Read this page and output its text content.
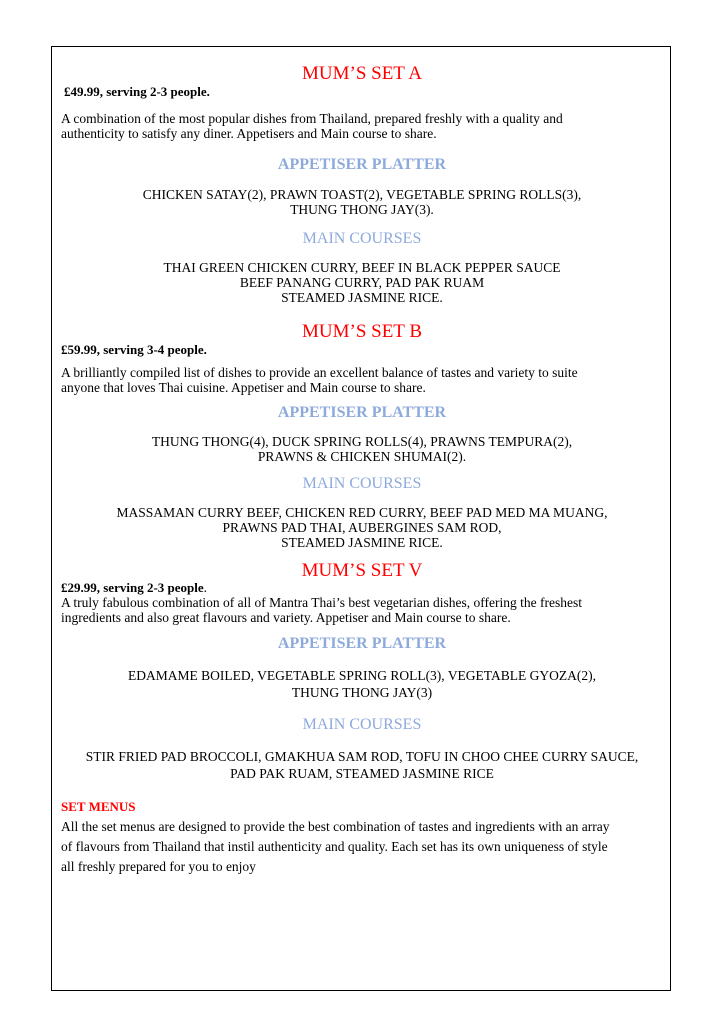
MUM’S SET A
£49.99, serving 2-3 people.
A combination of the most popular dishes from Thailand, prepared freshly with a quality and
authenticity to satisfy any diner. Appetisers and Main course to share.
APPETISER PLATTER
CHICKEN SATAY(2), PRAWN TOAST(2), VEGETABLE SPRING ROLLS(3),
THUNG THONG JAY(3).
MAIN COURSES
THAI GREEN CHICKEN CURRY, BEEF IN BLACK PEPPER SAUCE
BEEF PANANG CURRY, PAD PAK RUAM
STEAMED JASMINE RICE.
MUM’S SET B
£59.99, serving 3-4 people.
A brilliantly compiled list of dishes to provide an excellent balance of tastes and variety to suite
anyone that loves Thai cuisine. Appetiser and Main course to share.
APPETISER PLATTER
THUNG THONG(4), DUCK SPRING ROLLS(4), PRAWNS TEMPURA(2),
PRAWNS & CHICKEN SHUMAI(2).
MAIN COURSES
MASSAMAN CURRY BEEF, CHICKEN RED CURRY, BEEF PAD MED MA MUANG,
PRAWNS PAD THAI, AUBERGINES SAM ROD,
STEAMED JASMINE RICE.
MUM’S SET V
£29.99, serving 2-3 people.
A truly fabulous combination of all of Mantra Thai’s best vegetarian dishes, offering the freshest
ingredients and also great flavours and variety. Appetiser and Main course to share.
APPETISER PLATTER
EDAMAME BOILED, VEGETABLE SPRING ROLL(3), VEGETABLE GYOZA(2),
THUNG THONG JAY(3)
MAIN COURSES
STIR FRIED PAD BROCCOLI, GMAKHUA SAM ROD, TOFU IN CHOO CHEE CURRY SAUCE,
PAD PAK RUAM, STEAMED JASMINE RICE
SET MENUS
All the set menus are designed to provide the best combination of tastes and ingredients with an array
of flavours from Thailand that instil authenticity and quality. Each set has its own uniqueness of style
all freshly prepared for you to enjoy
